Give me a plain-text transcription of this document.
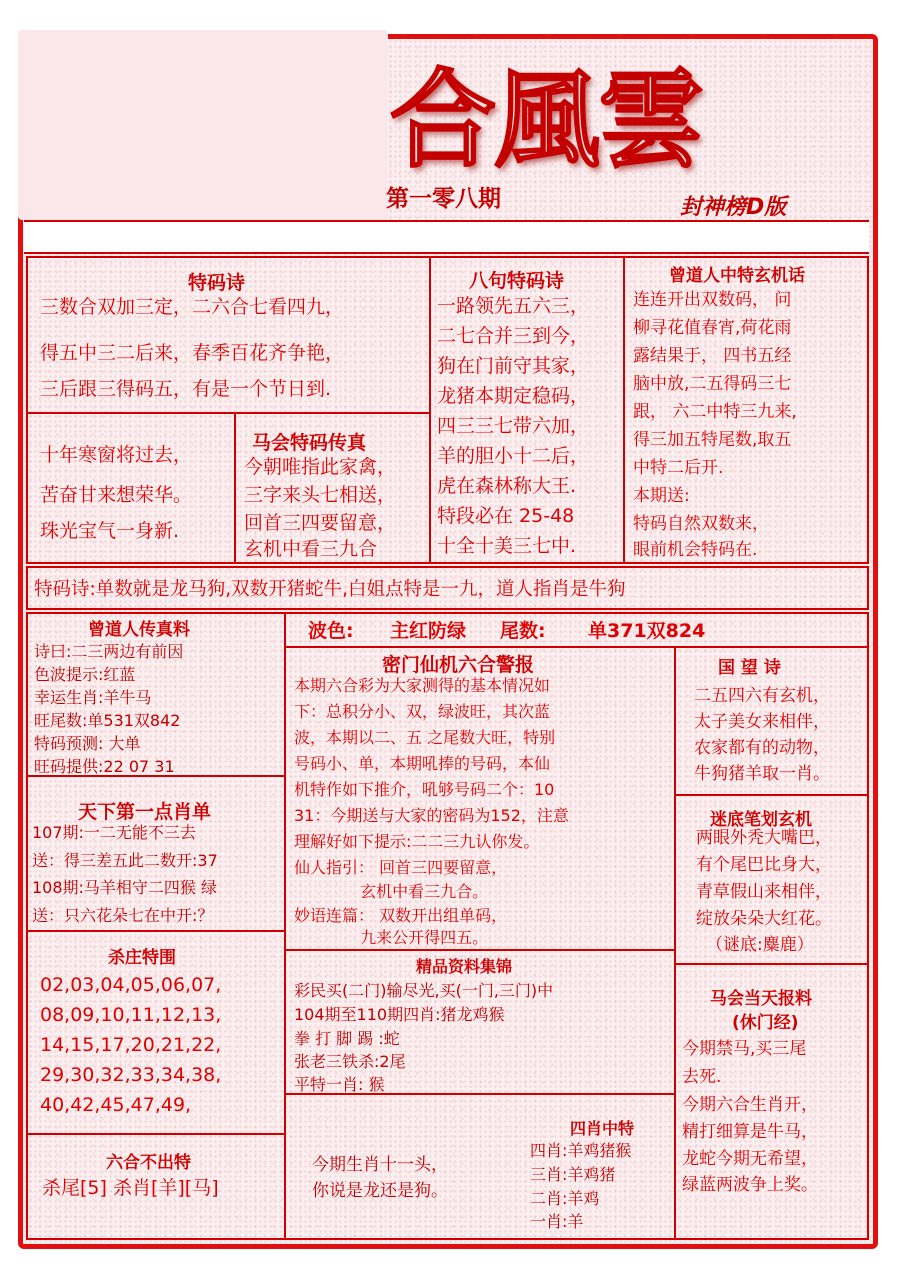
合風雲
第一零八期	封神榜D版
特码诗
三数合双加三定，二六合七看四九，
得五中三二后来，春季百花齐争艳，
三后跟三得码五，有是一个节日到.
八句特码诗
一路领先五六三，
二七合并三到今，
狗在门前守其家，
龙猪本期定稳码，
四三三七带六加，
羊的胆小十二后，
虎在森林称大王.
特段必在 25-48
十全十美三七中.
曾道人中特玄机话
连连开出双数码， 问
柳寻花值春宵,荷花雨
露结果于， 四书五经
脑中放,二五得码三七
跟， 六二中特三九来,
得三加五特尾数,取五
中特二后开.
本期送:
特码自然双数来，
眼前机会特码在.
十年寒窗将过去，
苦奋甘来想荣华。
珠光宝气一身新.
马会特码传真
今朝唯指此家禽，
三字来头七相送，
回首三四要留意，
玄机中看三九合
特码诗:单数就是龙马狗,双数开猪蛇牛,白姐点特是一九，道人指肖是牛狗
曾道人传真料
诗曰:二三两边有前因
色波提示:红蓝
幸运生肖:羊牛马
旺尾数:单531双842
特码预测: 大单
旺码提供:22 07 31
天下第一点肖单
107期:一二无能不三去
送：得三差五此二数开:37
108期:马羊相守二四猴 绿
送：只六花朵七在中开:？
杀庄特围
02,03,04,05,06,07,
08,09,10,11,12,13,
14,15,17,20,21,22,
29,30,32,33,34,38,
40,42,45,47,49,
六合不出特
杀尾[5] 杀肖[羊][马]
波色: 主红防绿 尾数: 单371双824
密门仙机六合警报
本期六合彩为大家测得的基本情况如
下：总积分小、双，绿波旺，其次蓝
波，本期以二、五 之尾数大旺，特别
号码小、单，本期吼捧的号码，本仙
机特作如下推介，吼够号码二个：10
31：今期送与大家的密码为152，注意
理解好如下提示:二二三九认你发。
仙人指引： 回首三四要留意，
玄机中看三九合。
妙语连篇： 双数开出组单码，
九来公开得四五。
精品资料集锦
彩民买(二门)输尽光,买(一门,三门)中
104期至110期四肖:猪龙鸡猴
拳 打 脚 踢 :蛇
张老三铁杀:2尾
平特一肖: 猴
今期生肖十一头，
你说是龙还是狗。
四肖中特
四肖:羊鸡猪猴
三肖:羊鸡猪
二肖:羊鸡
一肖:羊
国 望 诗
二五四六有玄机，
太子美女来相伴，
农家都有的动物，
牛狗猪羊取一肖。
迷底笔划玄机
两眼外秃大嘴巴，
有个尾巴比身大，
青草假山来相伴，
绽放朵朵大红花。
（谜底:麋鹿）
马会当天报料
(休门经)
今期禁马,买三尾
去死.
今期六合生肖开，
精打细算是牛马，
龙蛇今期无希望，
绿蓝两波争上奖。
